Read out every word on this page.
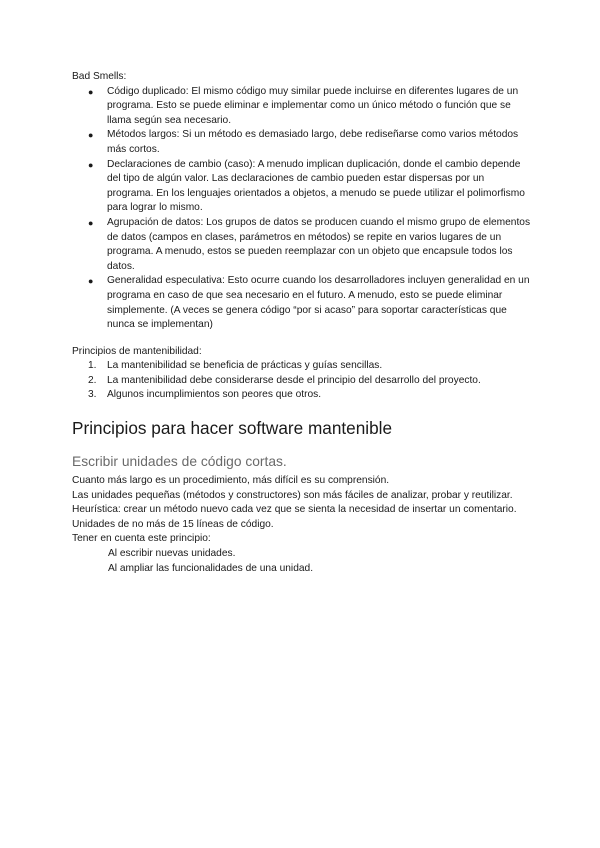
Bad Smells:

●	Código duplicado: El mismo código muy similar puede incluirse en diferentes lugares de un programa. Esto se puede eliminar e implementar como un único método o función que se llama según sea necesario.
●	Métodos largos: Si un método es demasiado largo, debe rediseñarse como varios métodos más cortos.
●	Declaraciones de cambio (caso): A menudo implican duplicación, donde el cambio depende del tipo de algún valor. Las declaraciones de cambio pueden estar dispersas por un programa. En los lenguajes orientados a objetos, a menudo se puede utilizar el polimorfismo para lograr lo mismo.
●	Agrupación de datos: Los grupos de datos se producen cuando el mismo grupo de elementos de datos (campos en clases, parámetros en métodos) se repite en varios lugares de un programa. A menudo, estos se pueden reemplazar con un objeto que encapsule todos los datos.
●	Generalidad especulativa: Esto ocurre cuando los desarrolladores incluyen generalidad en un programa en caso de que sea necesario en el futuro. A menudo, esto se puede eliminar simplemente. (A veces se genera código “por si acaso” para soportar características que nunca se implementan)

Principios de mantenibilidad:

1.	La mantenibilidad se beneficia de prácticas y guías sencillas.
2.	La mantenibilidad debe considerarse desde el principio del desarrollo del proyecto.
3.	Algunos incumplimientos son peores que otros.
Principios para hacer software mantenible
Escribir unidades de código cortas.

Cuanto más largo es un procedimiento, más difícil es su comprensión.

Las unidades pequeñas (métodos y constructores) son más fáciles de analizar, probar y reutilizar.

Heurística: crear un método nuevo cada vez que se sienta la necesidad de insertar un comentario.

Unidades de no más de 15 líneas de código.

Tener en cuenta este principio:

Al escribir nuevas unidades.

Al ampliar las funcionalidades de una unidad.
